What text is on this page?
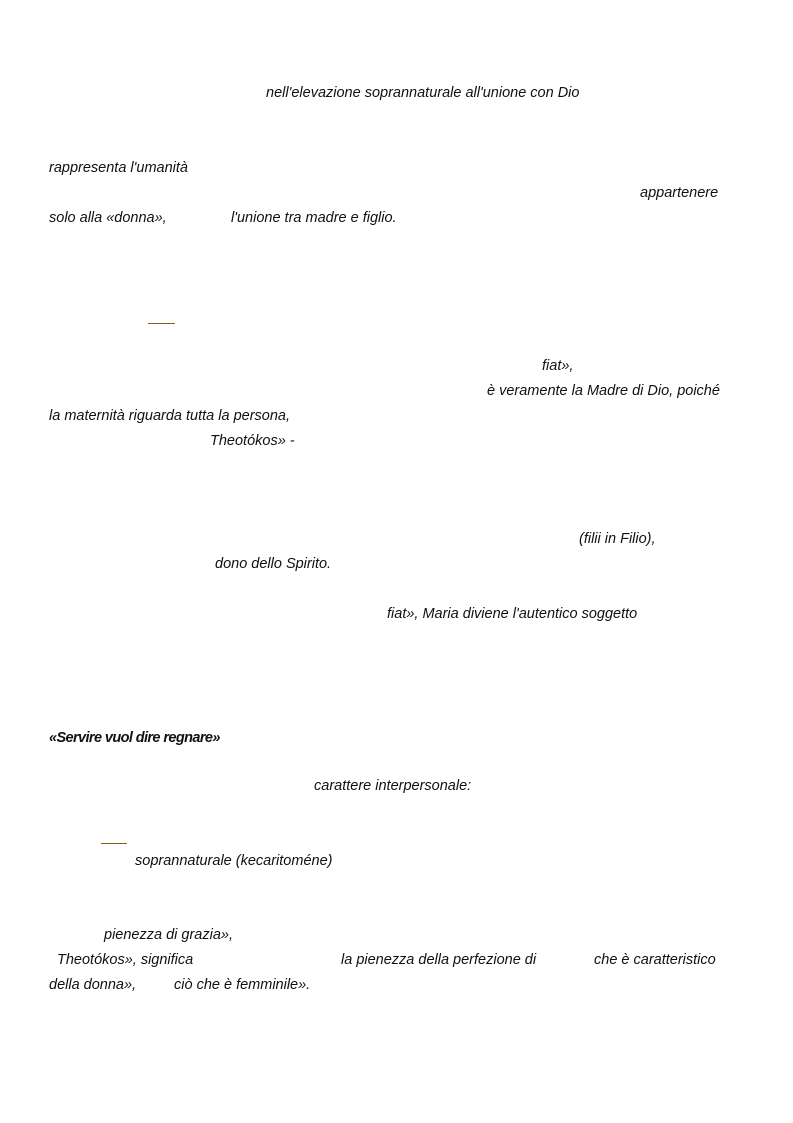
nell'elevazione soprannaturale all'unione con Dio
rappresenta l'umanità
appartenere
solo alla «donna»,	l'unione tra madre e figlio.
fiat»,
è veramente la Madre di Dio, poiché
la maternità riguarda tutta la persona,
Theotókos» -
(filii in Filio),
dono dello Spirito.
fiat», Maria diviene l'autentico soggetto
«Servire vuol dire regnare»
carattere interpersonale:
soprannaturale (kecaritoméne)
pienezza di grazia»,
Theotókos», significa	la pienezza della perfezione di	che è caratteristico
della donna»,	ciò che è femminile».
